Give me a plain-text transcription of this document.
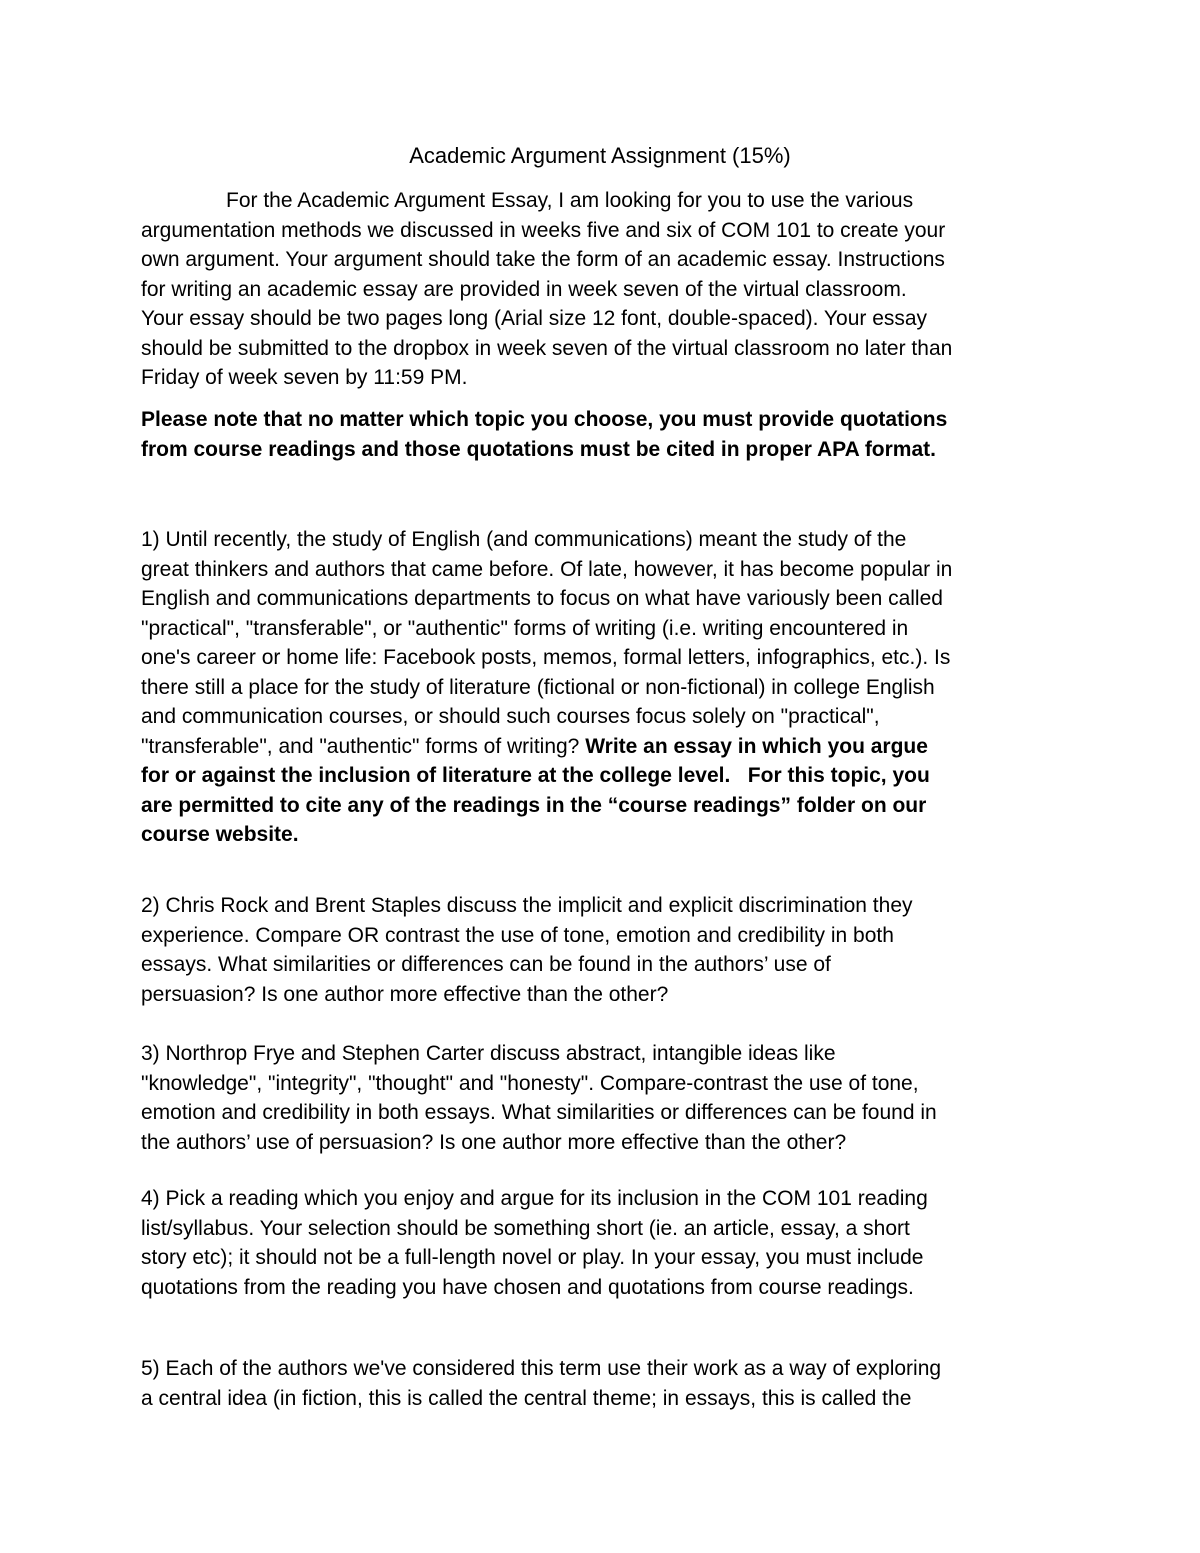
Academic Argument Assignment (15%)
For the Academic Argument Essay, I am looking for you to use the various
argumentation methods we discussed in weeks five and six of COM 101 to create your
own argument. Your argument should take the form of an academic essay. Instructions
for writing an academic essay are provided in week seven of the virtual classroom.
Your essay should be two pages long (Arial size 12 font, double-spaced). Your essay
should be submitted to the dropbox in week seven of the virtual classroom no later than
Friday of week seven by 11:59 PM.
Please note that no matter which topic you choose, you must provide quotations
from course readings and those quotations must be cited in proper APA format.
1) Until recently, the study of English (and communications) meant the study of the
great thinkers and authors that came before. Of late, however, it has become popular in
English and communications departments to focus on what have variously been called
"practical", "transferable", or "authentic" forms of writing (i.e. writing encountered in
one's career or home life: Facebook posts, memos, formal letters, infographics, etc.). Is
there still a place for the study of literature (fictional or non-fictional) in college English
and communication courses, or should such courses focus solely on "practical",
"transferable", and "authentic" forms of writing? Write an essay in which you argue
for or against the inclusion of literature at the college level.   For this topic, you
are permitted to cite any of the readings in the “course readings” folder on our
course website.
2) Chris Rock and Brent Staples discuss the implicit and explicit discrimination they
experience. Compare OR contrast the use of tone, emotion and credibility in both
essays. What similarities or differences can be found in the authors’ use of
persuasion? Is one author more effective than the other?
3) Northrop Frye and Stephen Carter discuss abstract, intangible ideas like
"knowledge", "integrity", "thought" and "honesty". Compare-contrast the use of tone,
emotion and credibility in both essays. What similarities or differences can be found in
the authors’ use of persuasion? Is one author more effective than the other?
4) Pick a reading which you enjoy and argue for its inclusion in the COM 101 reading
list/syllabus. Your selection should be something short (ie. an article, essay, a short
story etc); it should not be a full-length novel or play. In your essay, you must include
quotations from the reading you have chosen and quotations from course readings.
5) Each of the authors we've considered this term use their work as a way of exploring
a central idea (in fiction, this is called the central theme; in essays, this is called the
